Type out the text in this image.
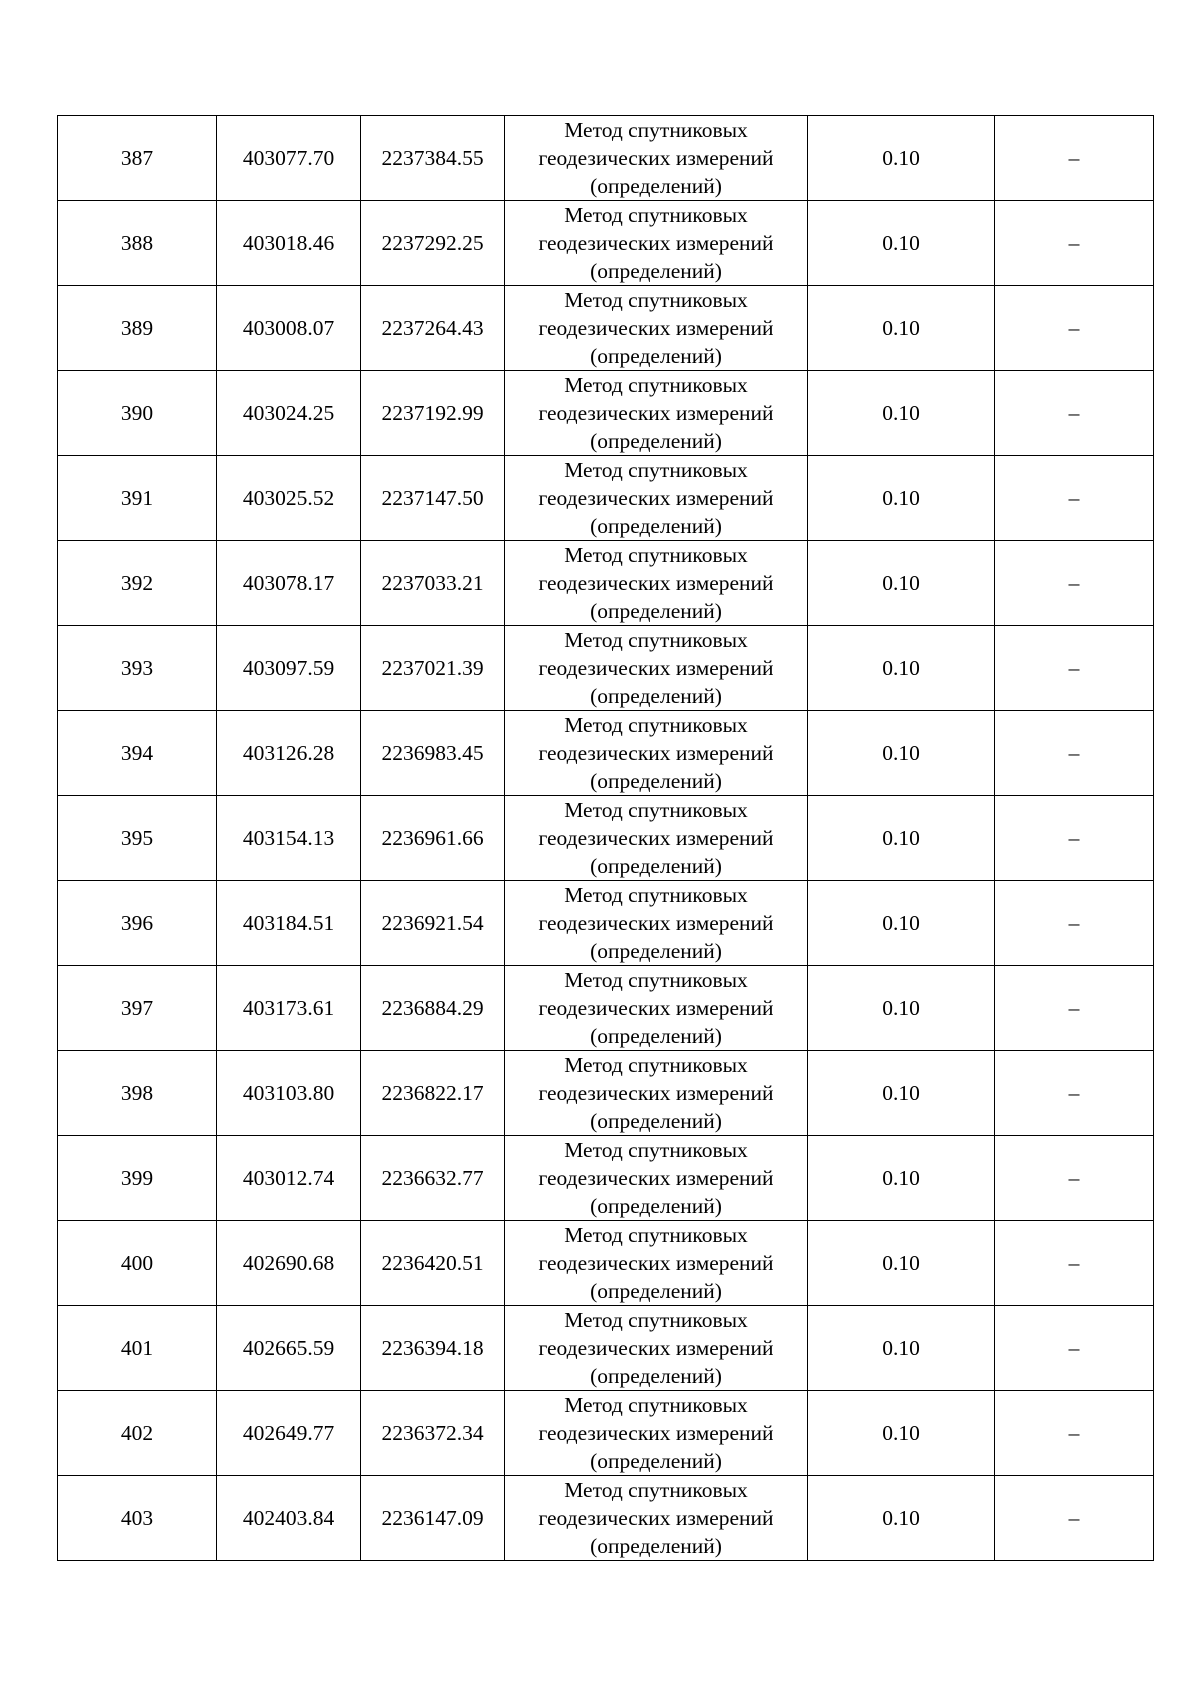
387	403077.70	2237384.55	Метод спутниковых
геодезических измерений
(определений)	0.10	–
388	403018.46	2237292.25	Метод спутниковых
геодезических измерений
(определений)	0.10	–
389	403008.07	2237264.43	Метод спутниковых
геодезических измерений
(определений)	0.10	–
390	403024.25	2237192.99	Метод спутниковых
геодезических измерений
(определений)	0.10	–
391	403025.52	2237147.50	Метод спутниковых
геодезических измерений
(определений)	0.10	–
392	403078.17	2237033.21	Метод спутниковых
геодезических измерений
(определений)	0.10	–
393	403097.59	2237021.39	Метод спутниковых
геодезических измерений
(определений)	0.10	–
394	403126.28	2236983.45	Метод спутниковых
геодезических измерений
(определений)	0.10	–
395	403154.13	2236961.66	Метод спутниковых
геодезических измерений
(определений)	0.10	–
396	403184.51	2236921.54	Метод спутниковых
геодезических измерений
(определений)	0.10	–
397	403173.61	2236884.29	Метод спутниковых
геодезических измерений
(определений)	0.10	–
398	403103.80	2236822.17	Метод спутниковых
геодезических измерений
(определений)	0.10	–
399	403012.74	2236632.77	Метод спутниковых
геодезических измерений
(определений)	0.10	–
400	402690.68	2236420.51	Метод спутниковых
геодезических измерений
(определений)	0.10	–
401	402665.59	2236394.18	Метод спутниковых
геодезических измерений
(определений)	0.10	–
402	402649.77	2236372.34	Метод спутниковых
геодезических измерений
(определений)	0.10	–
403	402403.84	2236147.09	Метод спутниковых
геодезических измерений
(определений)	0.10	–
